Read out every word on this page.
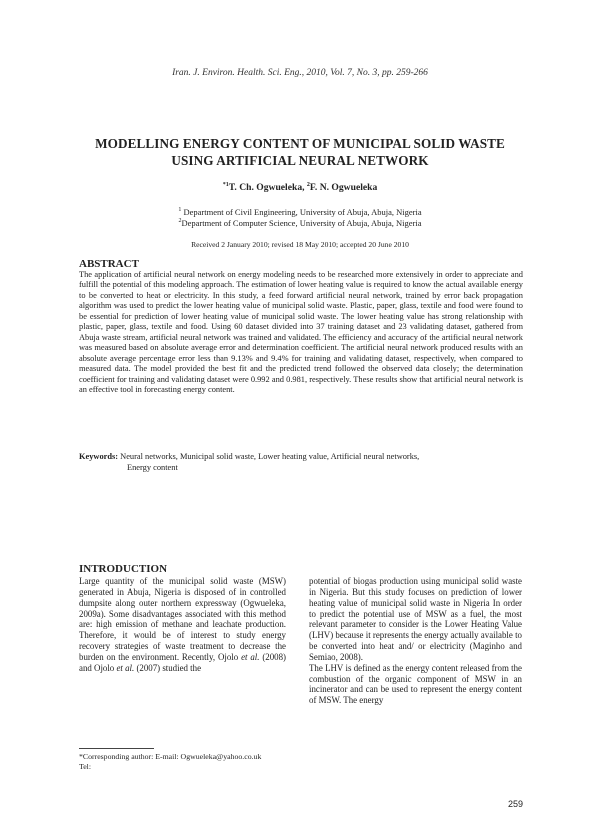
Iran. J. Environ. Health. Sci. Eng., 2010, Vol. 7, No. 3, pp. 259-266
MODELLING ENERGY CONTENT OF MUNICIPAL SOLID WASTE
USING ARTIFICIAL NEURAL NETWORK
$^{*1}$T. Ch. Ogwueleka, $^2$F. N. Ogwueleka
$^1$ Department of Civil Engineering, University of Abuja, Abuja, Nigeria
$^2$Department of Computer Science, University of Abuja, Abuja, Nigeria
Received 2 January 2010; revised 18 May 2010; accepted 20 June 2010
ABSTRACT
The application of artificial neural network on energy modeling needs to be researched more extensively in order to appreciate and fulfill the potential of this modeling approach. The estimation of lower heating value is required to know the actual available energy to be converted to heat or electricity. In this study, a feed forward artificial neural network, trained by error back propagation algorithm was used to predict the lower heating value of municipal solid waste. Plastic, paper, glass, textile and food were found to be essential for prediction of lower heating value of municipal solid waste. The lower heating value has strong relationship with plastic, paper, glass, textile and food. Using 60 dataset divided into 37 training dataset and 23 validating dataset, gathered from Abuja waste stream, artificial neural network was trained and validated. The efficiency and accuracy of the artificial neural network was measured based on absolute average error and determination coefficient. The artificial neural network produced results with an absolute average percentage error less than 9.13% and 9.4% for training and validating dataset, respectively, when compared to measured data. The model provided the best fit and the predicted trend followed the observed data closely; the determination coefficient for training and validating dataset were 0.992 and 0.981, respectively. These results show that artificial neural network is an effective tool in forecasting energy content.
Keywords: Neural networks, Municipal solid waste, Lower heating value, Artificial neural networks,
Energy content
INTRODUCTION
Large quantity of the municipal solid waste (MSW) generated in Abuja, Nigeria is disposed of in controlled dumpsite along outer northern expressway (Ogwueleka, 2009a). Some disadvantages associated with this method are: high emission of methane and leachate production. Therefore, it would be of interest to study energy recovery strategies of waste treatment to decrease the burden on the environment. Recently, Ojolo et al. (2008) and Ojolo et al. (2007) studied the
potential of biogas production using municipal solid waste in Nigeria. But this study focuses on prediction of lower heating value of municipal solid waste in Nigeria In order to predict the potential use of MSW as a fuel, the most relevant parameter to consider is the Lower Heating Value (LHV) because it represents the energy actually available to be converted into heat and/ or electricity (Maginho and Semiao, 2008).
The LHV is defined as the energy content released from the combustion of the organic component of MSW in an incinerator and can be used to represent the energy content of MSW. The energy
*Corresponding author: E-mail: Ogwueleka@yahoo.co.uk
Tel:
259
